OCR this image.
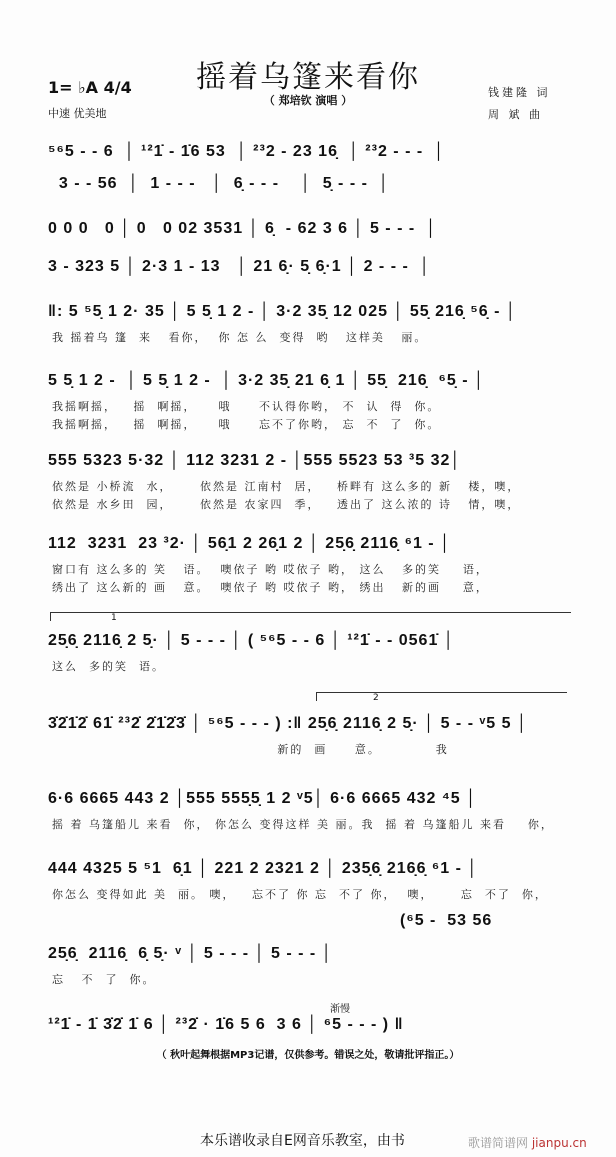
摇着乌篷来看你
（ 郑培钦 演唱 ）
1= ♭A 4/4
中速 优美地
钱建隆 词
周 斌 曲
⁵⁶5 - - 6  │ ¹²1̇ - 1̇6 53  │ ²³2 - 23 16̣  │ ²³2 - - -  │
3 - - 56  │  1 - - -   │  6̣ - - -    │  5̣ - - -  │
0 0 0   0 │ 0   0 02 3531 │ 6̣  - 62 3 6 │ 5 - - -  │
3 - 323 5 │ 2·3 1 - 13   │ 21 6̣· 5̣ 6̣·1 │ 2 - - -  │
‖: 5 ⁵5̣ 1 2· 35 │ 5 5̣ 1 2 - │ 3·2 35̣ 12 025 │ 55̣ 216̣ ⁵6̣ - │
我 摇着乌 篷  来   看你，  你 怎 么  变得  哟   这样美   丽。
5 5̣ 1 2 -  │ 5 5̣ 1 2 -  │ 3·2 35̣ 21 6̣ 1 │ 55̣  216̣  ⁶5̣ - │
我摇啊摇，   摇  啊摇，    哦     不认得你哟， 不  认  得  你。
我摇啊摇，   摇  啊摇，    哦     忘不了你哟， 忘  不  了  你。
555 5323 5·32 │ 112 3231 2 - │555 5523 53 ³5 32│
依然是 小桥流  水，     依然是 江南村  居，   桥畔有 这么多的 新   楼，噢，
依然是 水乡田  园，     依然是 农家四  季，   透出了 这么浓的 诗   情，噢，
112  3231  23 ³2· │ 56̣1 2 26̣1 2 │ 25̣6̣ 2116̣ ⁶1 - │
窗口有 这么多的 笑   语。  噢依子 哟 哎依子 哟， 这么   多的笑    语，
绣出了 这么新的 画   意。  噢依子 哟 哎依子 哟， 绣出   新的画    意，
25̣6̣ 2116̣ 2 5̣· │ 5 - - - │ ( ⁵⁶5 - - 6 │ ¹²1̇ - - 0561̇ │
这么  多的笑  语。
3̇2̇1̇2̇ 61̇ ²³2̇ 2̇1̇2̇3̇ │ ⁵⁶5 - - - ) :‖ 25̣6̣ 2116̣ 2 5̣· │ 5 - - ᵛ5 5 │
新的  画     意。          我
6·6 6665 443 2 │555 555̣5̣ 1 2 ᵛ5│ 6·6 6665 432 ⁴5 │
摇 着 乌篷船儿 来看  你， 你怎么 变得这样 美 丽。我  摇 着 乌篷船儿 来看    你，
444 4325 5 ⁵1  6̣1 │ 221 2 2321 2 │ 235̣6̣ 216̣6̣ ⁶1 - │
你怎么 变得如此 美  丽。 噢，   忘不了 你 忘  不了 你，  噢，     忘  不了  你，
25̣6̣  2116̣  6̣ 5̣· ᵛ │ 5 - - - │ 5 - - - │
忘   不  了  你。
(⁶5 -  53 56
¹²1̇ - 1̇ 3̇2̇ 1̇ 6 │ ²³2̇ · 1̇6 5 6  3 6 │ ⁶5 - - - ) ‖
渐慢
1
2
（ 秋叶起舞根据MP3记谱，仅供参考。错误之处，敬请批评指正。）
本乐谱收录自E网音乐教室，由书	歌谱简谱网 jianpu.cn
